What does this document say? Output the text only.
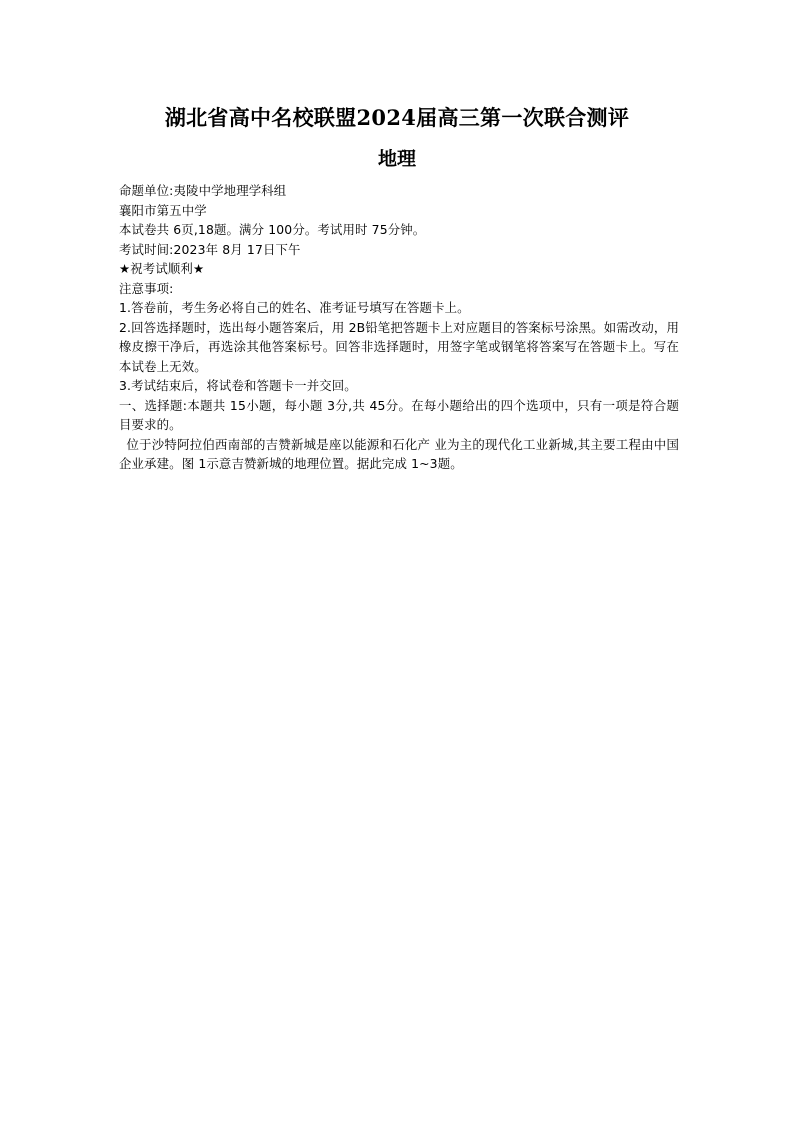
湖北省高中名校联盟2024届高三第一次联合测评
地理

命题单位:夷陵中学地理学科组

襄阳市第五中学

本试卷共 6页,18题。满分 100分。考试用时 75分钟。

考试时间:2023年 8月 17日下午

★祝考试顺利★

注意事项:

1.答卷前，考生务必将自己的姓名、准考证号填写在答题卡上。

2.回答选择题时，选出每小题答案后，用 2B铅笔把答题卡上对应题目的答案标号涂黑。如需改动，用橡皮擦干净后，再选涂其他答案标号。回答非选择题时，用签字笔或钢笔将答案写在答题卡上。写在本试卷上无效。

3.考试结束后，将试卷和答题卡一并交回。

一、选择题:本题共 15小题，每小题 3分,共 45分。在每小题给出的四个选项中，只有一项是符合题目要求的。

位于沙特阿拉伯西南部的吉赞新城是座以能源和石化产 业为主的现代化工业新城,其主要工程由中国企业承建。图 1示意吉赞新城的地理位置。据此完成 1~3题。
